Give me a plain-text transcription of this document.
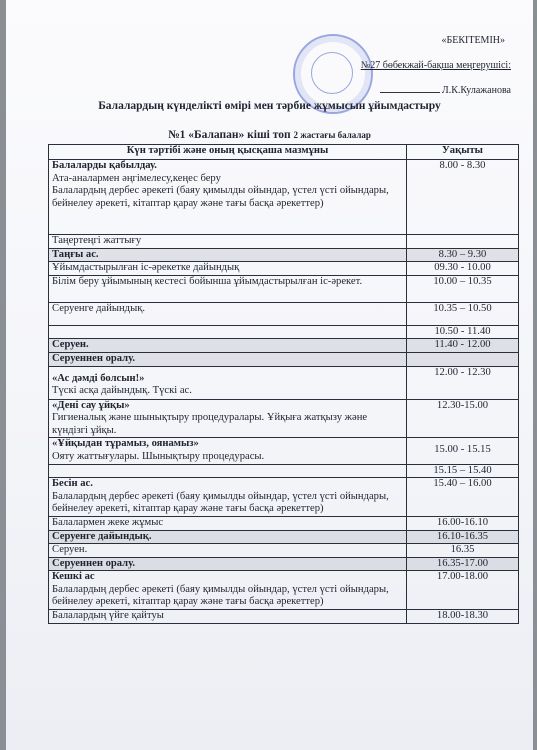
«БЕКІТЕМІН»
№27 бөбекжай-бақша меңгерушісі:
Л.К.Кулажанова
Балалардың күнделікті өмірі мен тәрбие жұмысын ұйымдастыру
№1 «Балапан» кіші топ 2 жастағы балалар
Күн тәртібі және оның қысқаша мазмұны	Уақыты

Балаларды қабылдау.
Ата-аналармен әңгімелесу,кеңес беру
Балалардың дербес әрекеті (баяу қимылды ойындар, үстел үсті ойындары, бейнелеу әрекеті, кітаптар қарау және тағы басқа әрекеттер)	8.00 - 8.30
Таңертеңгі жаттығу	
Таңғы ас.	8.30 – 9.30
Ұйымдастырылған іс-әрекетке дайындық	09.30 - 10.00
Білім беру ұйымының кестесі бойынша ұйымдастырылған іс-әрекет.	10.00 – 10.35
Серуенге дайындық.	10.35 – 10.50
	10.50 - 11.40
Серуен.	11.40 - 12.00
Серуеннен оралу.	

«Ас дәмді болсын!»
Түскі асқа дайындық. Түскі ас.	12.00 - 12.30

«Дені сау ұйқы»
Гигиеналық және шынықтыру процедуралары. Ұйқыға жатқызу және күндізгі ұйқы.	12.30-15.00

«Ұйқыдан тұрамыз, оянамыз»
Ояту жаттығулары. Шынықтыру процедурасы.	15.00 - 15.15
	15.15 – 15.40

Бесін ас.
Балалардың дербес әрекеті (баяу қимылды ойындар, үстел үсті ойындары, бейнелеу әрекеті, кітаптар қарау және тағы басқа әрекеттер)	15.40 – 16.00
Балалармен жеке жұмыс	16.00-16.10
Серуенге дайындық.	16.10-16.35
Серуен.	16.35
Серуеннен оралу.	16.35-17.00

Кешкі ас
Балалардың дербес әрекеті (баяу қимылды ойындар, үстел үсті ойындары, бейнелеу әрекеті, кітаптар қарау және тағы басқа әрекеттер)	17.00-18.00
Балалардың үйге қайтуы	18.00-18.30
